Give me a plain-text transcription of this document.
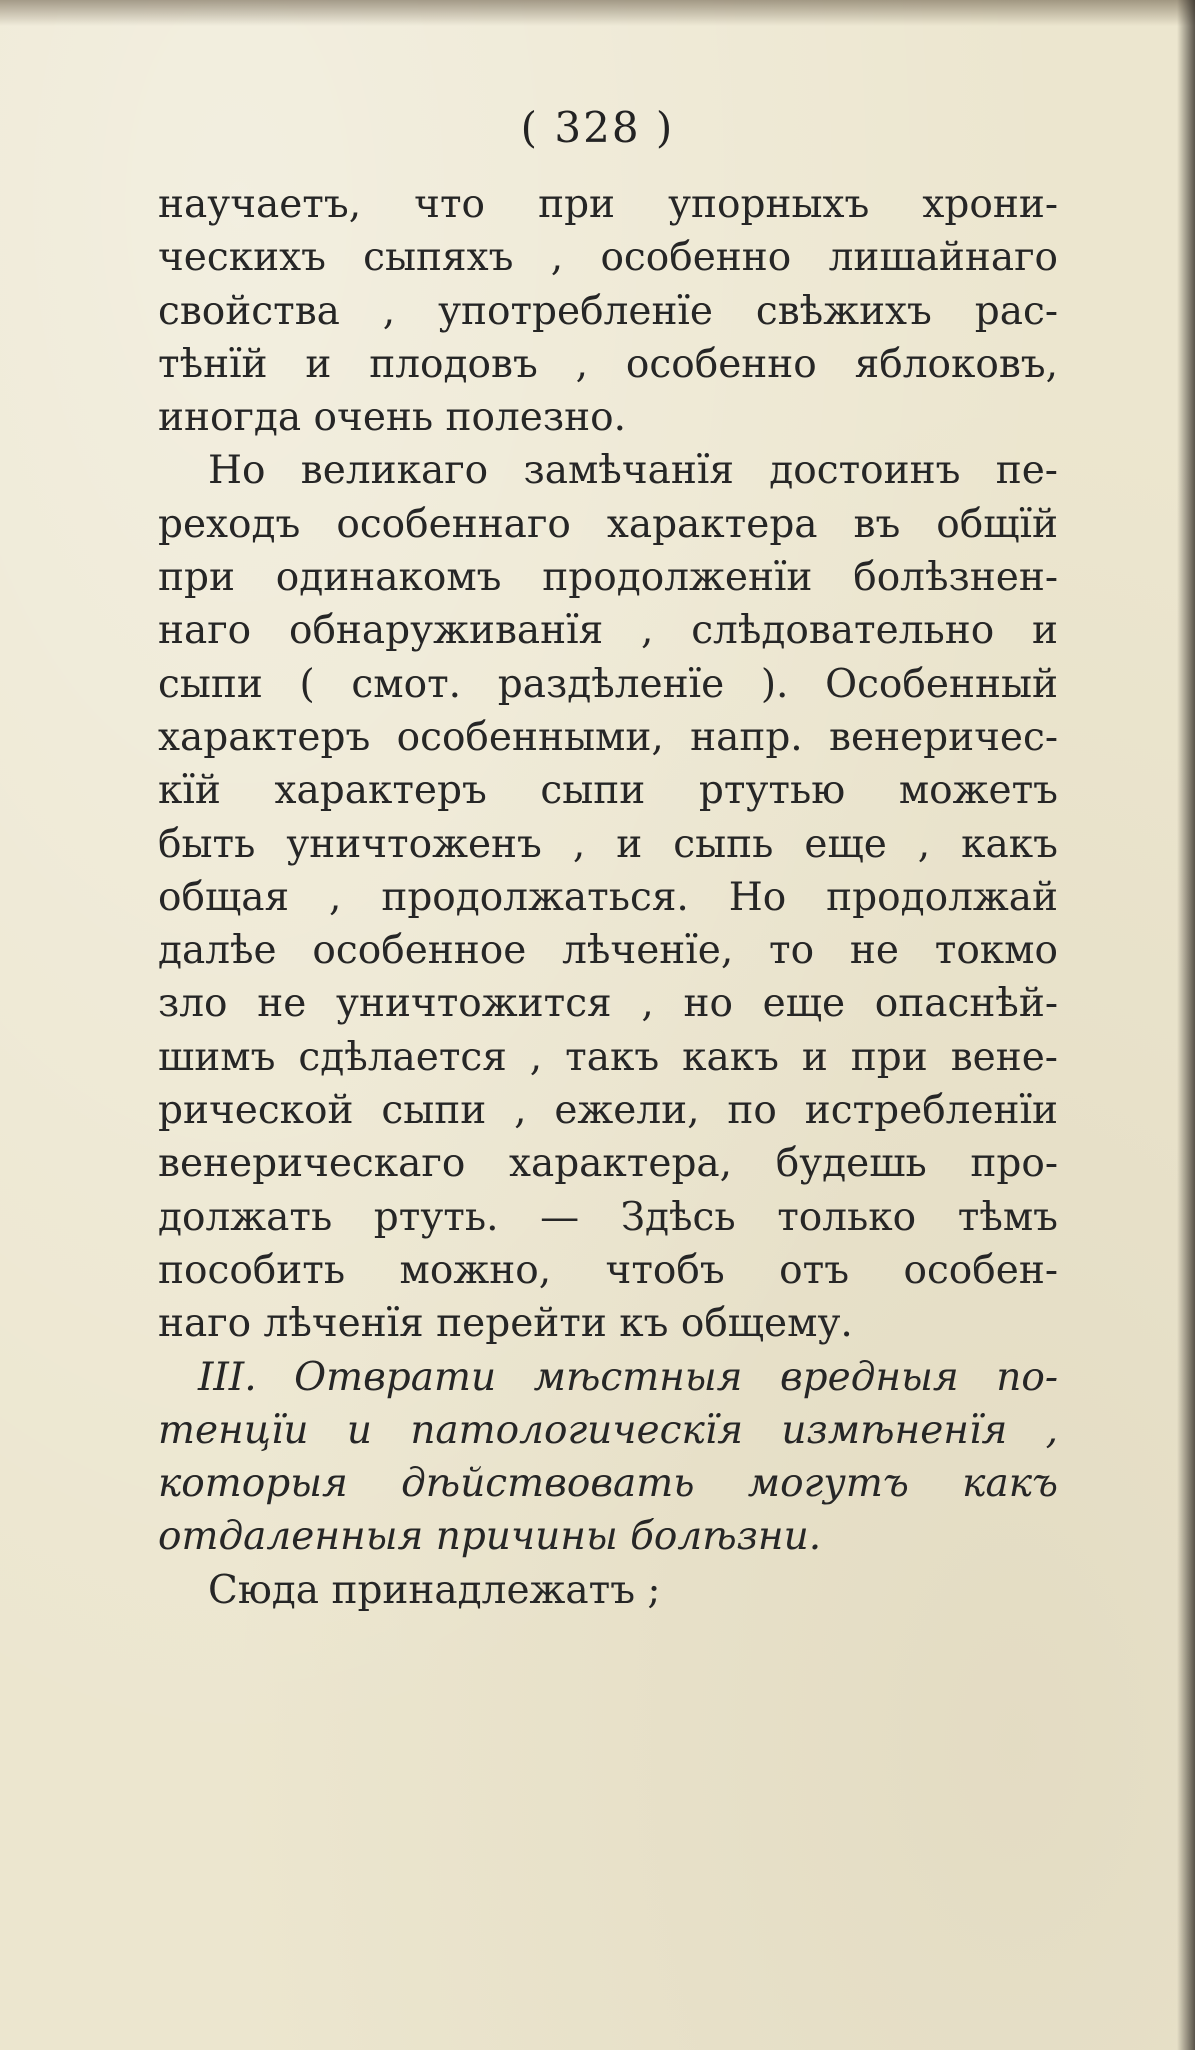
( 328 )
научаетъ, что при упорныхъ хрони-
ческихъ сыпяхъ , особенно лишайнаго
свойства , употребленїе свѣжихъ рас-
тѣнїй и плодовъ , особенно яблоковъ,
иногда очень полезно.
Но великаго замѣчанїя достоинъ пе-
реходъ особеннаго характера въ общїй
при одинакомъ продолженїи болѣзнен-
наго обнаруживанїя , слѣдовательно и
сыпи ( смот. раздѣленїе ). Особенный
характеръ особенными, напр. венеричес-
кїй характеръ сыпи ртутью можетъ
быть уничтоженъ , и сыпь еще , какъ
общая , продолжаться. Но продолжай
далѣе особенное лѣченїе, то не токмо
зло не уничтожится , но еще опаснѣй-
шимъ сдѣлается , такъ какъ и при вене-
рической сыпи , ежели, по истребленїи
венерическаго характера, будешь про-
должать ртуть. — Здѣсь только тѣмъ
пособить можно, чтобъ отъ особен-
наго лѣченїя перейти къ общему.
III. Отврати мѣстныя вредныя по-
тенцїи и патологическїя измѣненїя ,
которыя дѣйствовать могутъ какъ
отдаленныя причины болѣзни.
Сюда принадлежатъ ;
